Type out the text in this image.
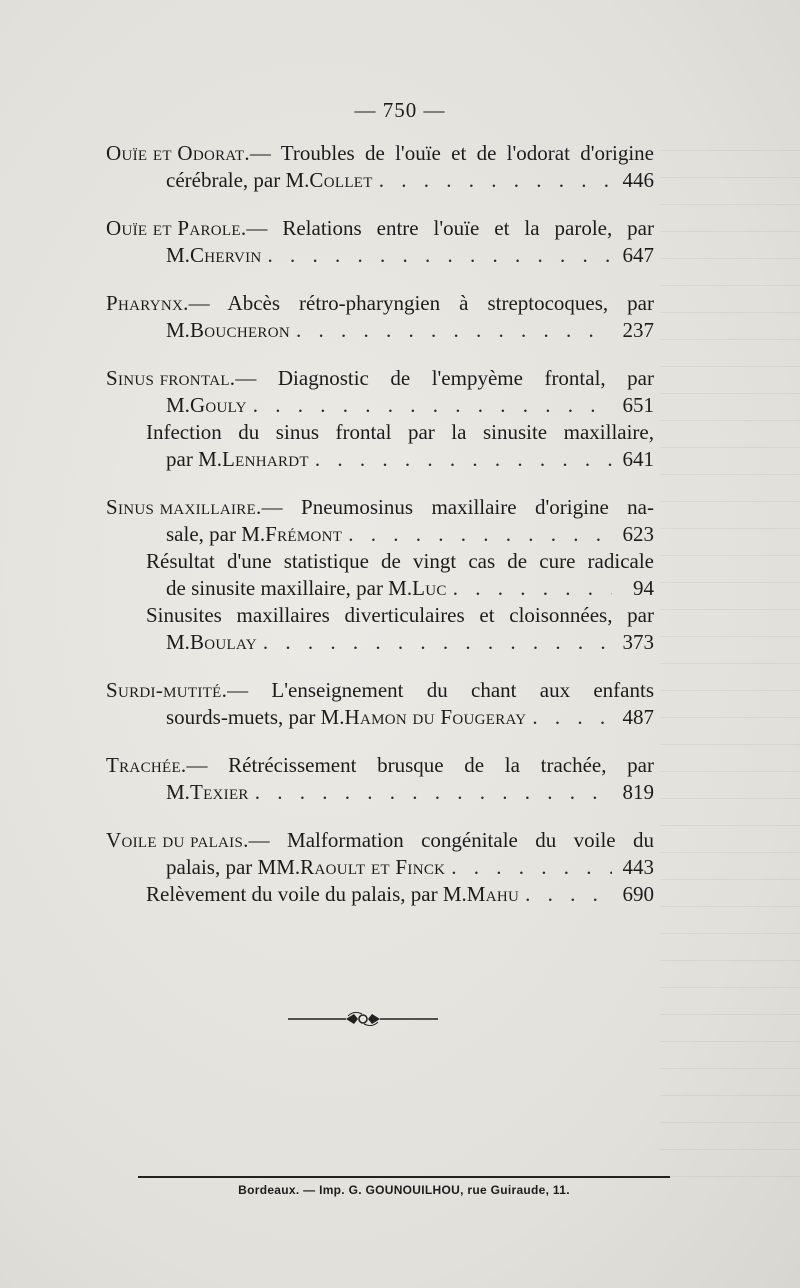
— 750 —
Ouïe et Odorat. — Troubles de l'ouïe et de l'odorat d'origine
cérébrale, par M. Collet . . .	446
Ouïe et Parole. — Relations entre l'ouïe et la parole, par
M. Chervin . . .	647
Pharynx. — Abcès rétro-pharyngien à streptocoques, par
M. Boucheron . . .	237
Sinus frontal. — Diagnostic de l'empyème frontal, par
M. Gouly . . .	651
Infection du sinus frontal par la sinusite maxillaire,
par M. Lenhardt . . .	641
Sinus maxillaire. — Pneumosinus maxillaire d'origine na-
sale, par M. Frémont . . .	623
Résultat d'une statistique de vingt cas de cure radicale
de sinusite maxillaire, par M. Luc . . .	94
Sinusites maxillaires diverticulaires et cloisonnées, par
M. Boulay . . .	373
Surdi-mutité. — L'enseignement du chant aux enfants
sourds-muets, par M. Hamon du Fougeray . . .	487
Trachée. — Rétrécissement brusque de la trachée, par
M. Texier . . .	819
Voile du palais. — Malformation congénitale du voile du
palais, par MM. Raoult et Finck . . .	443
Relèvement du voile du palais, par M. Mahu . . .	690
Bordeaux. — Imp. G. GOUNOUILHOU, rue Guiraude, 11.
